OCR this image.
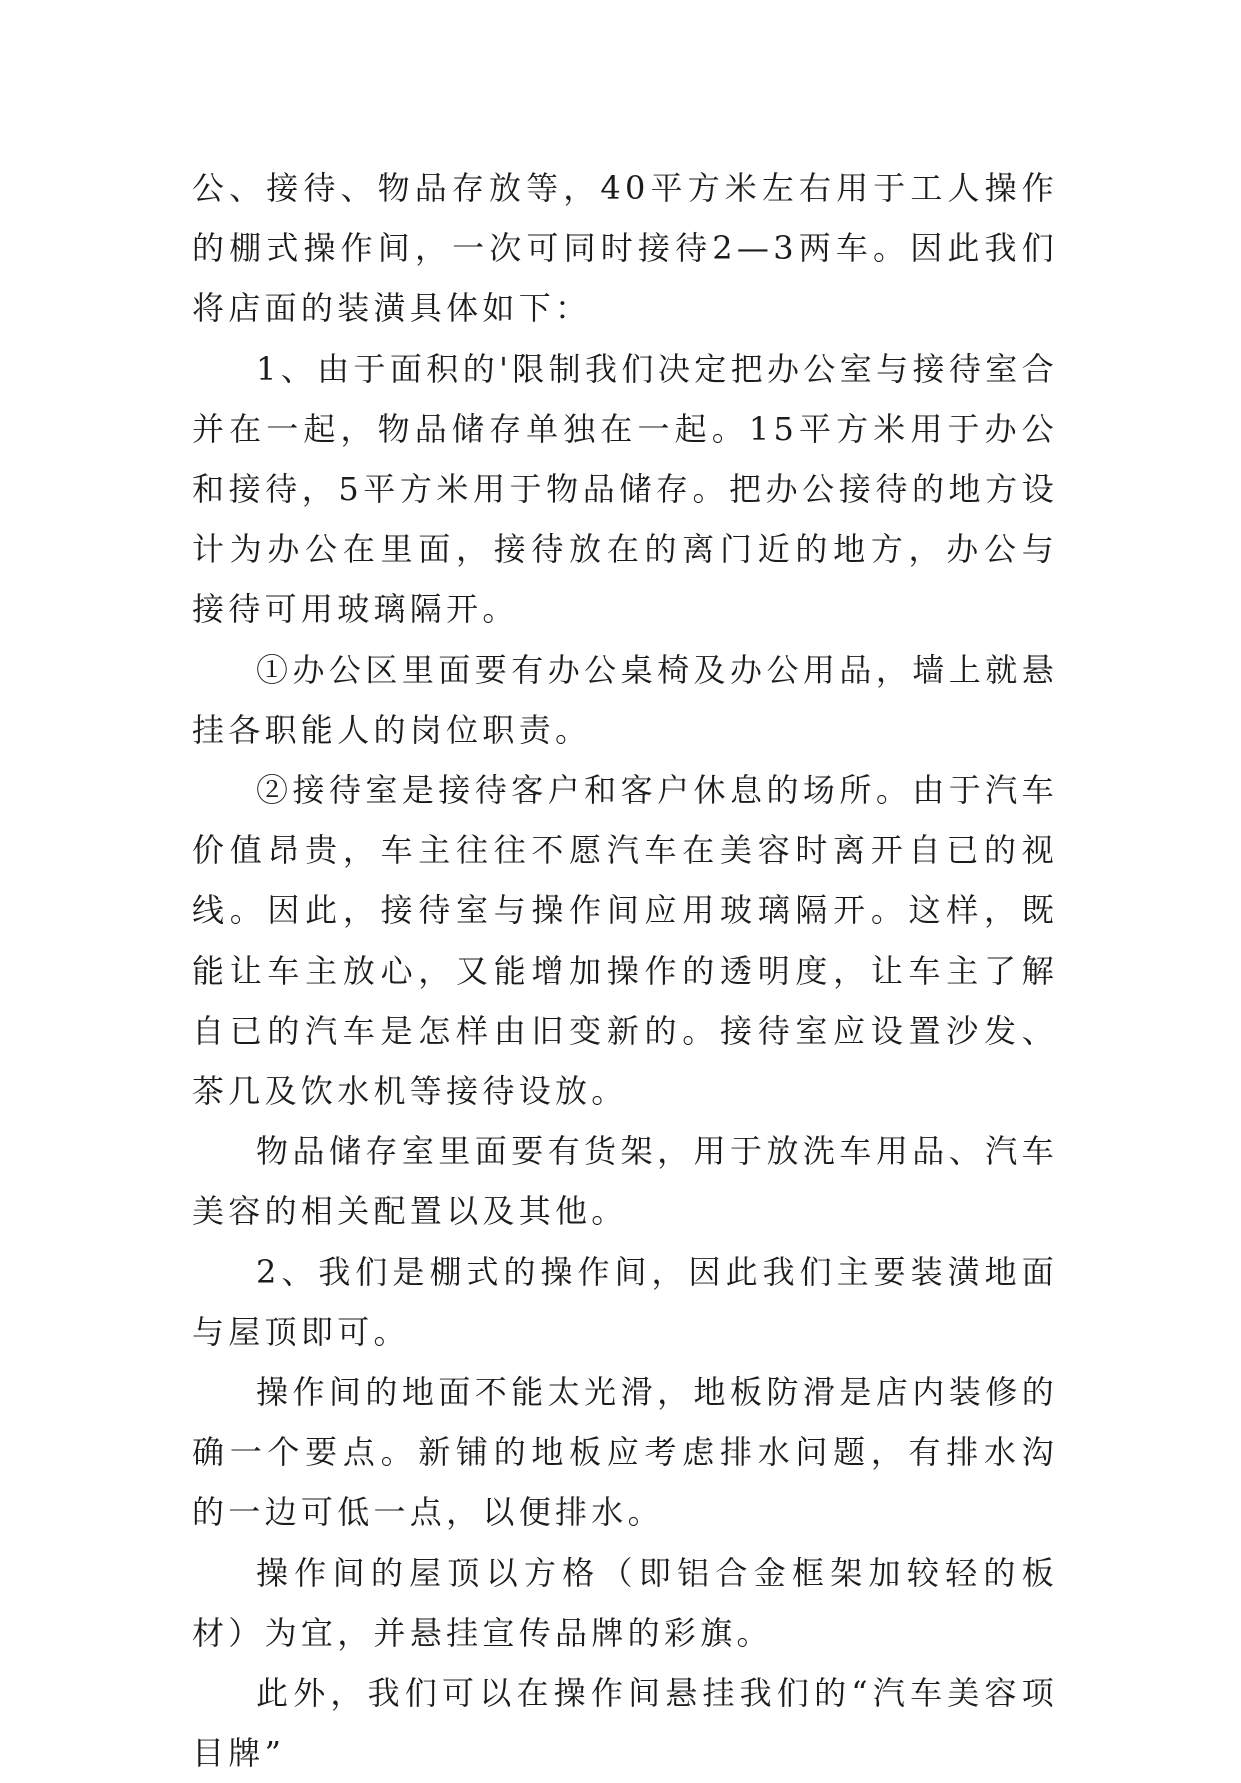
公、接待、物品存放等，40平方米左右用于工人操作的棚式操作间，一次可同时接待2—3两车。因此我们将店面的装潢具体如下：

1、由于面积的'限制我们决定把办公室与接待室合并在一起，物品储存单独在一起。15平方米用于办公和接待，5平方米用于物品储存。把办公接待的地方设计为办公在里面，接待放在的离门近的地方，办公与接待可用玻璃隔开。

①办公区里面要有办公桌椅及办公用品，墙上就悬挂各职能人的岗位职责。

②接待室是接待客户和客户休息的场所。由于汽车价值昂贵，车主往往不愿汽车在美容时离开自已的视线。因此，接待室与操作间应用玻璃隔开。这样，既能让车主放心，又能增加操作的透明度，让车主了解自已的汽车是怎样由旧变新的。接待室应设置沙发、茶几及饮水机等接待设放。

物品储存室里面要有货架，用于放洗车用品、汽车美容的相关配置以及其他。

2、我们是棚式的操作间，因此我们主要装潢地面与屋顶即可。

操作间的地面不能太光滑，地板防滑是店内装修的确一个要点。新铺的地板应考虑排水问题，有排水沟的一边可低一点，以便排水。

操作间的屋顶以方格（即铝合金框架加较轻的板材）为宜，并悬挂宣传品牌的彩旗。

此外，我们可以在操作间悬挂我们的“汽车美容项目牌”
